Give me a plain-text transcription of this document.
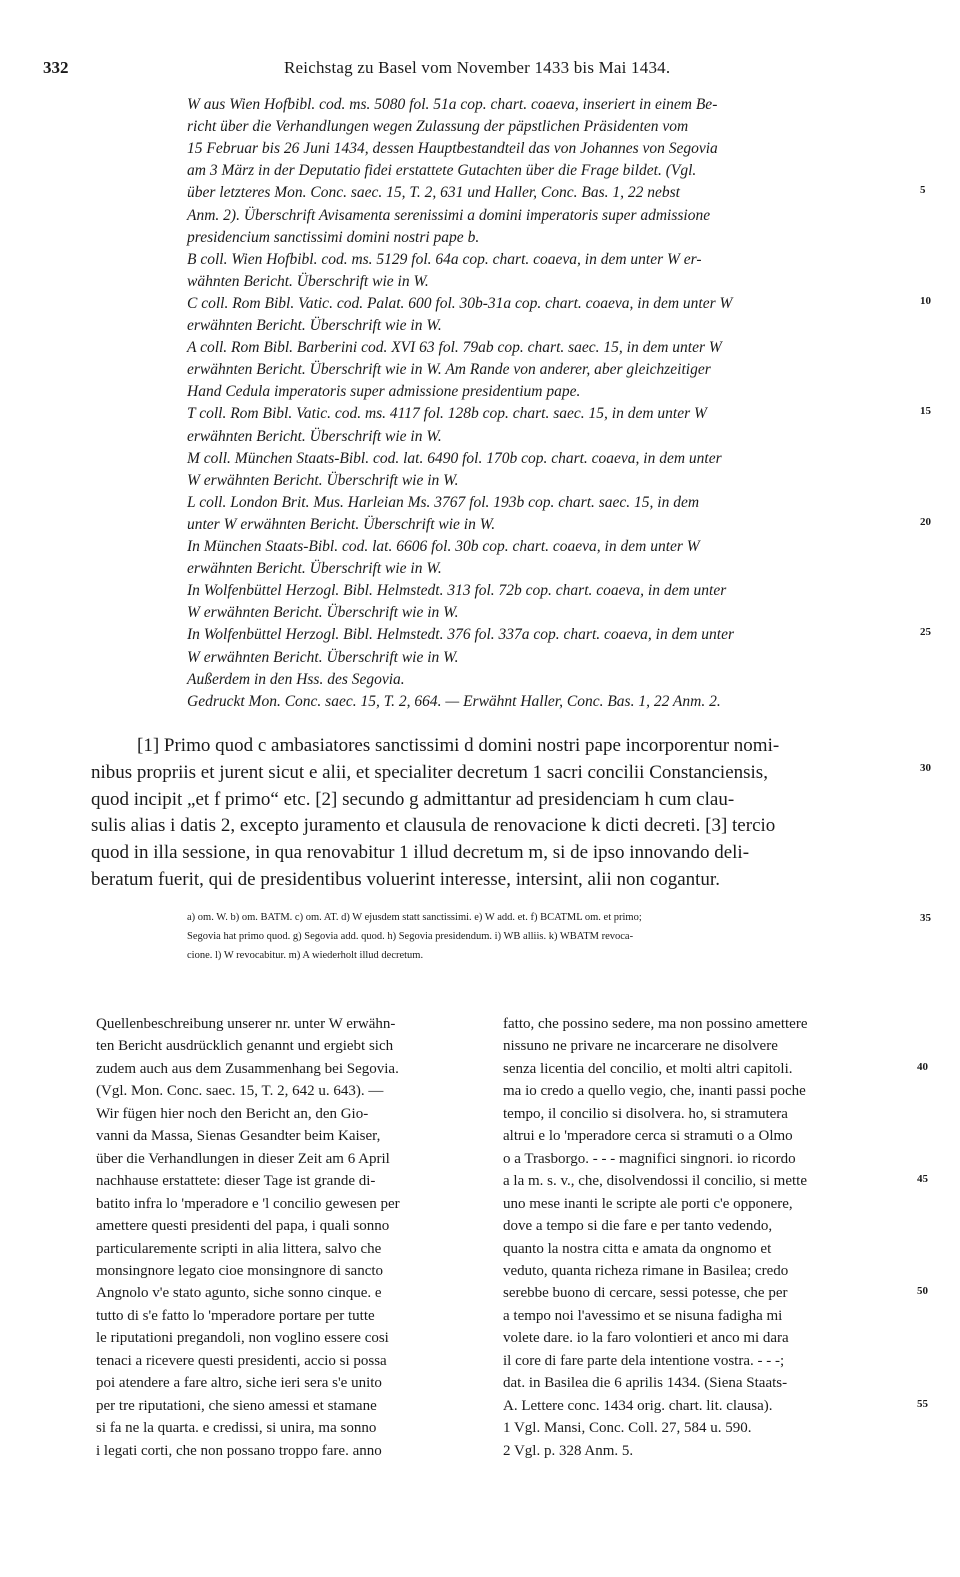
332	Reichstag zu Basel vom November 1433 bis Mai 1434.
W aus Wien Hofbibl. cod. ms. 5080 fol. 51a cop. chart. coaeva, inseriert in einem Be-
richt über die Verhandlungen wegen Zulassung der päpstlichen Präsidenten vom
15 Februar bis 26 Juni 1434, dessen Hauptbestandteil das von Johannes von Segovia
am 3 März in der Deputatio fidei erstattete Gutachten über die Frage bildet. (Vgl.
über letzteres Mon. Conc. saec. 15, T. 2, 631 und Haller, Conc. Bas. 1, 22 nebst	5
Anm. 2). Überschrift Avisamenta serenissimi a domini imperatoris super admissione
presidencium sanctissimi domini nostri pape b.
B coll. Wien Hofbibl. cod. ms. 5129 fol. 64a cop. chart. coaeva, in dem unter W er-
wähnten Bericht. Überschrift wie in W.
C coll. Rom Bibl. Vatic. cod. Palat. 600 fol. 30b-31a cop. chart. coaeva, in dem unter W	10
erwähnten Bericht. Überschrift wie in W.
A coll. Rom Bibl. Barberini cod. XVI 63 fol. 79ab cop. chart. saec. 15, in dem unter W
erwähnten Bericht. Überschrift wie in W. Am Rande von anderer, aber gleichzeitiger
Hand Cedula imperatoris super admissione presidentium pape.
T coll. Rom Bibl. Vatic. cod. ms. 4117 fol. 128b cop. chart. saec. 15, in dem unter W	15
erwähnten Bericht. Überschrift wie in W.
M coll. München Staats-Bibl. cod. lat. 6490 fol. 170b cop. chart. coaeva, in dem unter
W erwähnten Bericht. Überschrift wie in W.
L coll. London Brit. Mus. Harleian Ms. 3767 fol. 193b cop. chart. saec. 15, in dem
unter W erwähnten Bericht. Überschrift wie in W.	20
In München Staats-Bibl. cod. lat. 6606 fol. 30b cop. chart. coaeva, in dem unter W
erwähnten Bericht. Überschrift wie in W.
In Wolfenbüttel Herzogl. Bibl. Helmstedt. 313 fol. 72b cop. chart. coaeva, in dem unter
W erwähnten Bericht. Überschrift wie in W.
In Wolfenbüttel Herzogl. Bibl. Helmstedt. 376 fol. 337a cop. chart. coaeva, in dem unter	25
W erwähnten Bericht. Überschrift wie in W.
Außerdem in den Hss. des Segovia.
Gedruckt Mon. Conc. saec. 15, T. 2, 664. — Erwähnt Haller, Conc. Bas. 1, 22 Anm. 2.
[1] Primo quod c ambasiatores sanctissimi d domini nostri pape incorporentur nomi-
nibus propriis et jurent sicut e alii, et specialiter decretum 1 sacri concilii Constanciensis,	30
quod incipit „et f primo“ etc. [2] secundo g admittantur ad presidenciam h cum clau-
sulis alias i datis 2, excepto juramento et clausula de renovacione k dicti decreti. [3] tercio
quod in illa sessione, in qua renovabitur 1 illud decretum m, si de ipso innovando deli-
beratum fuerit, qui de presidentibus voluerint interesse, intersint, alii non cogantur.
a) om. W. b) om. BATM. c) om. AT. d) W ejusdem statt sanctissimi. e) W add. et. f) BCATML om. et primo;	35
Segovia hat primo quod. g) Segovia add. quod. h) Segovia presidendum. i) WB alliis. k) WBATM revoca-
cione. l) W revocabitur. m) A wiederholt illud decretum.
Quellenbeschreibung unserer nr. unter W erwähn-
ten Bericht ausdrücklich genannt und ergiebt sich
zudem auch aus dem Zusammenhang bei Segovia.
(Vgl. Mon. Conc. saec. 15, T. 2, 642 u. 643). —
Wir fügen hier noch den Bericht an, den Gio-
vanni da Massa, Sienas Gesandter beim Kaiser,
über die Verhandlungen in dieser Zeit am 6 April
nachhause erstattete: dieser Tage ist grande di-
batito infra lo 'mperadore e 'l concilio gewesen per
amettere questi presidenti del papa, i quali sonno
particularemente scripti in alia littera, salvo che
monsingnore legato cioe monsingnore di sancto
Angnolo v'e stato agunto, siche sonno cinque. e
tutto di s'e fatto lo 'mperadore portare per tutte
le riputationi pregandoli, non voglino essere cosi
tenaci a ricevere questi presidenti, accio si possa
poi atendere a fare altro, siche ieri sera s'e unito
per tre riputationi, che sieno amessi et stamane
si fa ne la quarta. e credissi, si unira, ma sonno
i legati corti, che non possano troppo fare. anno
fatto, che possino sedere, ma non possino amettere
nissuno ne privare ne incarcerare ne disolvere
senza licentia del concilio, et molti altri capitoli.	40
ma io credo a quello vegio, che, inanti passi poche
tempo, il concilio si disolvera. ho, si stramutera
altrui e lo 'mperadore cerca si stramuti o a Olmo
o a Trasborgo. - - - magnifici singnori. io ricordo
a la m. s. v., che, disolvendossi il concilio, si mette	45
uno mese inanti le scripte ale porti c'e opponere,
dove a tempo si die fare e per tanto vedendo,
quanto la nostra citta e amata da ongnomo et
veduto, quanta richeza rimane in Basilea; credo
serebbe buono di cercare, sessi potesse, che per	50
a tempo noi l'avessimo et se nisuna fadigha mi
volete dare. io la faro volontieri et anco mi dara
il core di fare parte dela intentione vostra. - - -;
dat. in Basilea die 6 aprilis 1434. (Siena Staats-
A. Lettere conc. 1434 orig. chart. lit. clausa).	55
1 Vgl. Mansi, Conc. Coll. 27, 584 u. 590.
2 Vgl. p. 328 Anm. 5.
